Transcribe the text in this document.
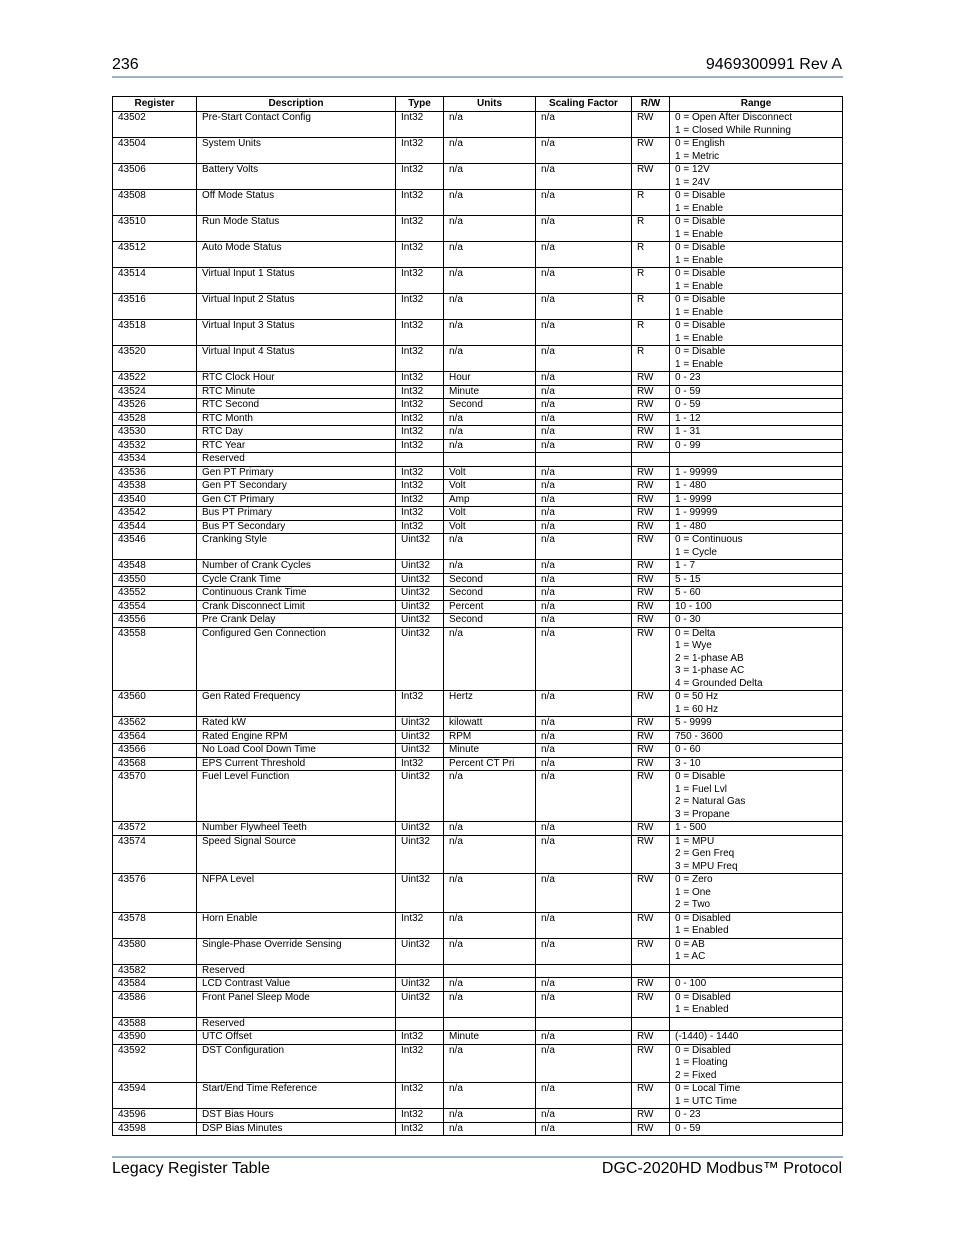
236	9469300991 Rev A
Register	Description	Type	Units	Scaling Factor	R/W	Range
43502	Pre-Start Contact Config	Int32	n/a	n/a	RW	0 = Open After Disconnect
1 = Closed While Running
43504	System Units	Int32	n/a	n/a	RW	0 = English
1 = Metric
43506	Battery Volts	Int32	n/a	n/a	RW	0 = 12V
1 = 24V
43508	Off Mode Status	Int32	n/a	n/a	R	0 = Disable
1 = Enable
43510	Run Mode Status	Int32	n/a	n/a	R	0 = Disable
1 = Enable
43512	Auto Mode Status	Int32	n/a	n/a	R	0 = Disable
1 = Enable
43514	Virtual Input 1 Status	Int32	n/a	n/a	R	0 = Disable
1 = Enable
43516	Virtual Input 2 Status	Int32	n/a	n/a	R	0 = Disable
1 = Enable
43518	Virtual Input 3 Status	Int32	n/a	n/a	R	0 = Disable
1 = Enable
43520	Virtual Input 4 Status	Int32	n/a	n/a	R	0 = Disable
1 = Enable
43522	RTC Clock Hour	Int32	Hour	n/a	RW	0 - 23
43524	RTC Minute	Int32	Minute	n/a	RW	0 - 59
43526	RTC Second	Int32	Second	n/a	RW	0 - 59
43528	RTC Month	Int32	n/a	n/a	RW	1 - 12
43530	RTC Day	Int32	n/a	n/a	RW	1 - 31
43532	RTC Year	Int32	n/a	n/a	RW	0 - 99
43534	Reserved					
43536	Gen PT Primary	Int32	Volt	n/a	RW	1 - 99999
43538	Gen PT Secondary	Int32	Volt	n/a	RW	1 - 480
43540	Gen CT Primary	Int32	Amp	n/a	RW	1 - 9999
43542	Bus PT Primary	Int32	Volt	n/a	RW	1 - 99999
43544	Bus PT Secondary	Int32	Volt	n/a	RW	1 - 480
43546	Cranking Style	Uint32	n/a	n/a	RW	0 = Continuous
1 = Cycle
43548	Number of Crank Cycles	Uint32	n/a	n/a	RW	1 - 7
43550	Cycle Crank Time	Uint32	Second	n/a	RW	5 - 15
43552	Continuous Crank Time	Uint32	Second	n/a	RW	5 - 60
43554	Crank Disconnect Limit	Uint32	Percent	n/a	RW	10 - 100
43556	Pre Crank Delay	Uint32	Second	n/a	RW	0 - 30
43558	Configured Gen Connection	Uint32	n/a	n/a	RW	0 = Delta
1 = Wye
2 = 1-phase AB
3 = 1-phase AC
4 = Grounded Delta
43560	Gen Rated Frequency	Int32	Hertz	n/a	RW	0 = 50 Hz
1 = 60 Hz
43562	Rated kW	Uint32	kilowatt	n/a	RW	5 - 9999
43564	Rated Engine RPM	Uint32	RPM	n/a	RW	750 - 3600
43566	No Load Cool Down Time	Uint32	Minute	n/a	RW	0 - 60
43568	EPS Current Threshold	Int32	Percent CT Pri	n/a	RW	3 - 10
43570	Fuel Level Function	Uint32	n/a	n/a	RW	0 = Disable
1 = Fuel Lvl
2 = Natural Gas
3 = Propane
43572	Number Flywheel Teeth	Uint32	n/a	n/a	RW	1 - 500
43574	Speed Signal Source	Uint32	n/a	n/a	RW	1 = MPU
2 = Gen Freq
3 = MPU Freq
43576	NFPA Level	Uint32	n/a	n/a	RW	0 = Zero
1 = One
2 = Two
43578	Horn Enable	Int32	n/a	n/a	RW	0 = Disabled
1 = Enabled
43580	Single-Phase Override Sensing	Uint32	n/a	n/a	RW	0 = AB
1 = AC
43582	Reserved					
43584	LCD Contrast Value	Uint32	n/a	n/a	RW	0 - 100
43586	Front Panel Sleep Mode	Uint32	n/a	n/a	RW	0 = Disabled
1 = Enabled
43588	Reserved					
43590	UTC Offset	Int32	Minute	n/a	RW	(-1440) - 1440
43592	DST Configuration	Int32	n/a	n/a	RW	0 = Disabled
1 = Floating
2 = Fixed
43594	Start/End Time Reference	Int32	n/a	n/a	RW	0 = Local Time
1 = UTC Time
43596	DST Bias Hours	Int32	n/a	n/a	RW	0 - 23
43598	DSP Bias Minutes	Int32	n/a	n/a	RW	0 - 59
Legacy Register Table	DGC-2020HD Modbus™ Protocol
